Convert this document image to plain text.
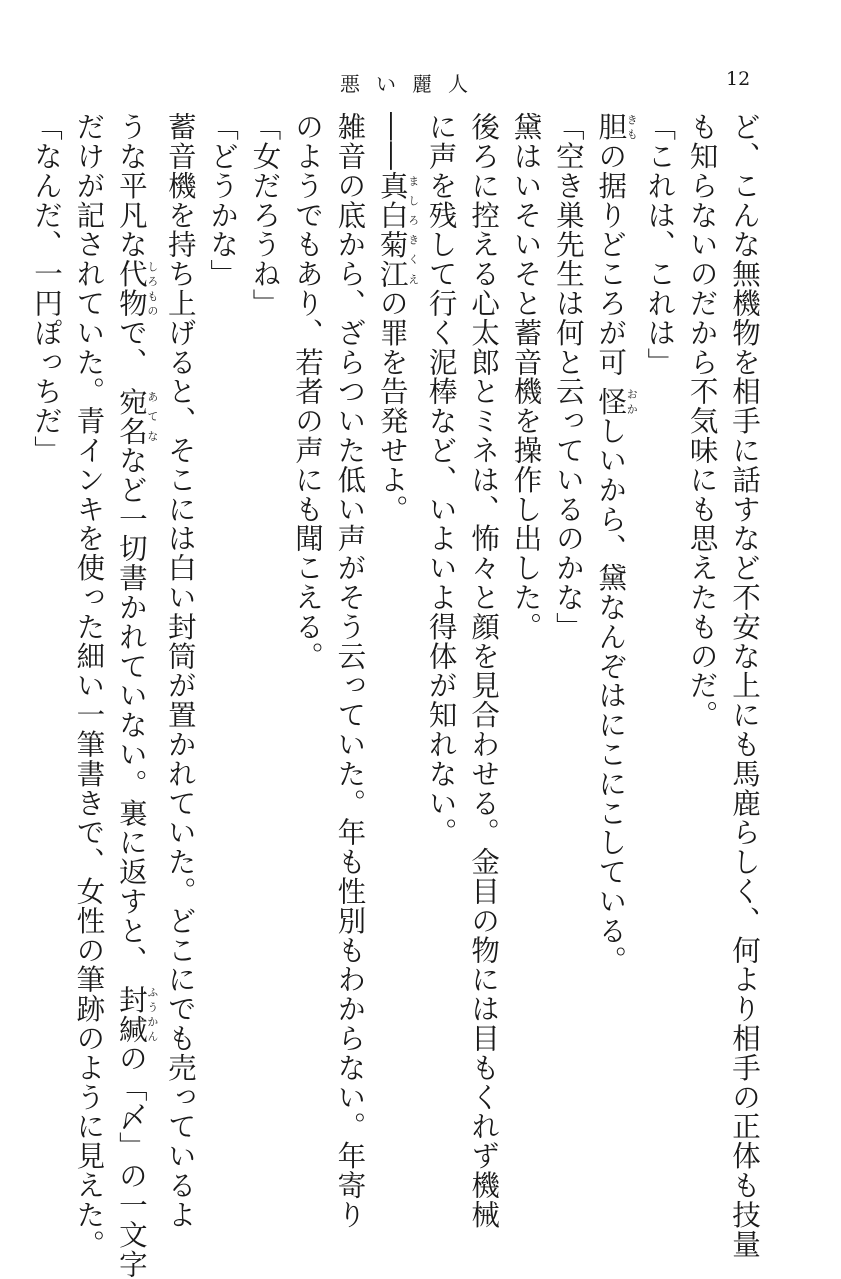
悪い麗人	12
ど、こんな無機物を相手に話すなど不安な上にも馬鹿らしく、何より相手の正体も技量
も知らないのだから不気味にも思えたものだ。
「これは、これは」
胆きもの据りどころが可 怪おかしいから、黛なんぞはにこにこしている。
「空き巣先生は何と云っているのかな」
黛はいそいそと蓄音機を操作し出した。
後ろに控える心太郎とミネは、怖々と顔を見合わせる。金目の物には目もくれず機械
に声を残して行く泥棒など、いよいよ得体が知れない。
――真白菊江ましろきくえの罪を告発せよ。
雑音の底から、ざらついた低い声がそう云っていた。年も性別もわからない。年寄り
のようでもあり、若者の声にも聞こえる。
「女だろうね」
「どうかな」
蓄音機を持ち上げると、そこには白い封筒が置かれていた。どこにでも売っているよ
うな平凡な代物しろもので、 宛名あてななど一切書かれていない。裏に返すと、 封緘ふうかんの「〆」の一文字
だけが記されていた。青インキを使った細い一筆書きで、女性の筆跡のように見えた。
「なんだ、一円ぽっちだ」
